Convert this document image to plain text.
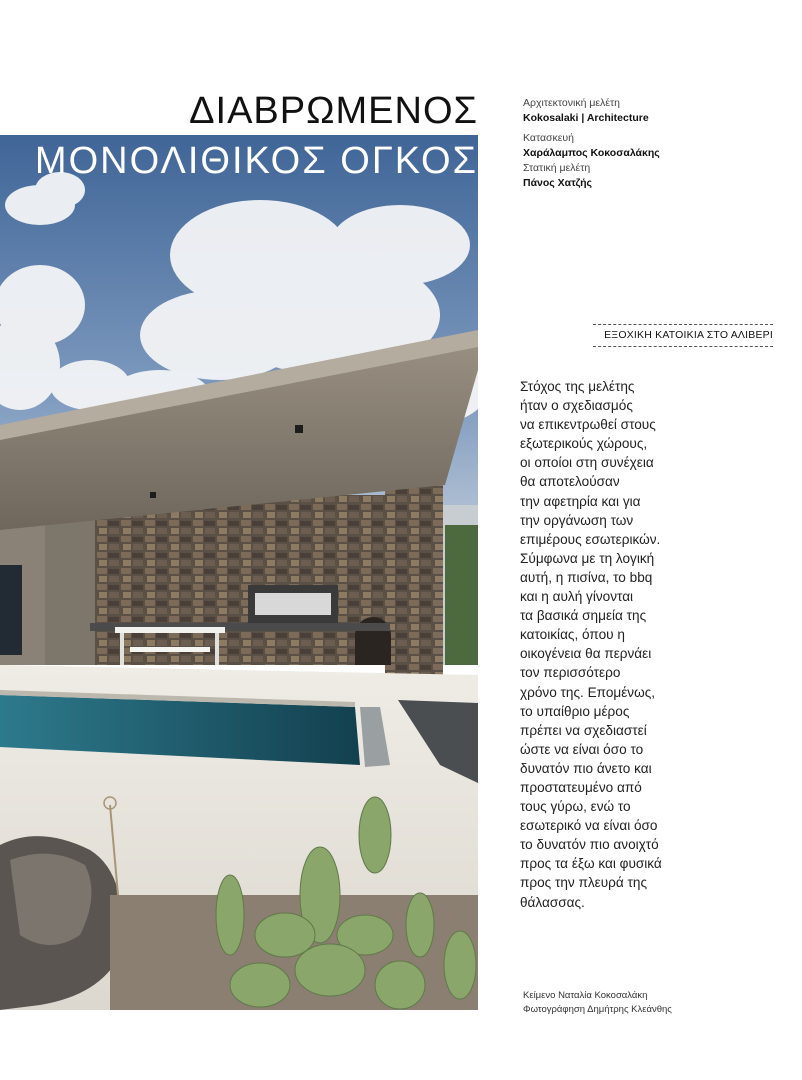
ΔΙΑΒΡΩΜΕΝΟΣ
ΜΟΝΟΛΙΘΙΚΟΣ ΟΓΚΟΣ
Αρχιτεκτονική μελέτη
Kokosalaki | Architecture
Κατασκευή
Χαράλαμπος Κοκοσαλάκης
Στατική μελέτη
Πάνος Χατζής
ΕΞΟΧΙΚΗ ΚΑΤΟΙΚΙΑ ΣΤΟ ΑΛΙΒΕΡΙ
Στόχος της μελέτης
ήταν ο σχεδιασμός
να επικεντρωθεί στους
εξωτερικούς χώρους,
οι οποίοι στη συνέχεια
θα αποτελούσαν
την αφετηρία και για
την οργάνωση των
επιμέρους εσωτερικών.
Σύμφωνα με τη λογική
αυτή, η πισίνα, το bbq
και η αυλή γίνονται
τα βασικά σημεία της
κατοικίας, όπου η
οικογένεια θα περνάει
τον περισσότερο
χρόνο της. Επομένως,
το υπαίθριο μέρος
πρέπει να σχεδιαστεί
ώστε να είναι όσο το
δυνατόν πιο άνετο και
προστατευμένο από
τους γύρω, ενώ το
εσωτερικό να είναι όσο
το δυνατόν πιο ανοιχτό
προς τα έξω και φυσικά
προς την πλευρά της
θάλασσας.
Κείμενο Ναταλία Κοκοσαλάκη
Φωτογράφηση Δημήτρης Κλεάνθης
